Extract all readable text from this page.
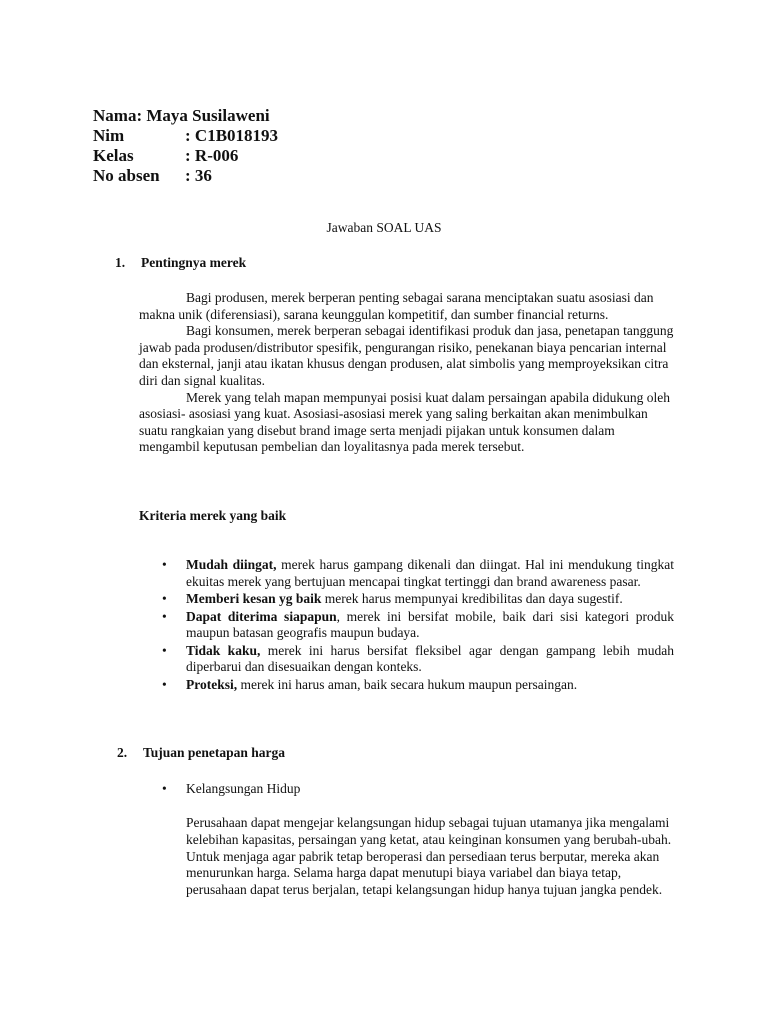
Nama: Maya Susilaweni
Nim	: C1B018193
Kelas	: R-006
No absen	: 36
Jawaban SOAL UAS
1. Pentingnya merek

Bagi produsen, merek berperan penting sebagai sarana menciptakan suatu asosiasi dan makna unik (diferensiasi), sarana keunggulan kompetitif, dan sumber financial returns.

Bagi konsumen, merek berperan sebagai identifikasi produk dan jasa, penetapan tanggung jawab pada produsen/distributor spesifik, pengurangan risiko, penekanan biaya pencarian internal dan eksternal, janji atau ikatan khusus dengan produsen, alat simbolis yang memproyeksikan citra diri dan signal kualitas.

Merek yang telah mapan mempunyai posisi kuat dalam persaingan apabila didukung oleh asosiasi- asosiasi yang kuat. Asosiasi-asosiasi merek yang saling berkaitan akan menimbulkan suatu rangkaian yang disebut brand image serta menjadi pijakan untuk konsumen dalam mengambil keputusan pembelian dan loyalitasnya pada merek tersebut.

Kriteria merek yang baik
• Mudah diingat, merek harus gampang dikenali dan diingat. Hal ini mendukung tingkat ekuitas merek yang bertujuan mencapai tingkat tertinggi dan brand awareness pasar.
• Memberi kesan yg baik merek harus mempunyai kredibilitas dan daya sugestif.
• Dapat diterima siapapun, merek ini bersifat mobile, baik dari sisi kategori produk maupun batasan geografis maupun budaya.
• Tidak kaku, merek ini harus bersifat fleksibel agar dengan gampang lebih mudah diperbarui dan disesuaikan dengan konteks.
• Proteksi, merek ini harus aman, baik secara hukum maupun persaingan.
2. Tujuan penetapan harga
• Kelangsungan Hidup
Perusahaan dapat mengejar kelangsungan hidup sebagai tujuan utamanya jika mengalami kelebihan kapasitas, persaingan yang ketat, atau keinginan konsumen yang berubah-ubah. Untuk menjaga agar pabrik tetap beroperasi dan persediaan terus berputar, mereka akan menurunkan harga. Selama harga dapat menutupi biaya variabel dan biaya tetap, perusahaan dapat terus berjalan, tetapi kelangsungan hidup hanya tujuan jangka pendek.
